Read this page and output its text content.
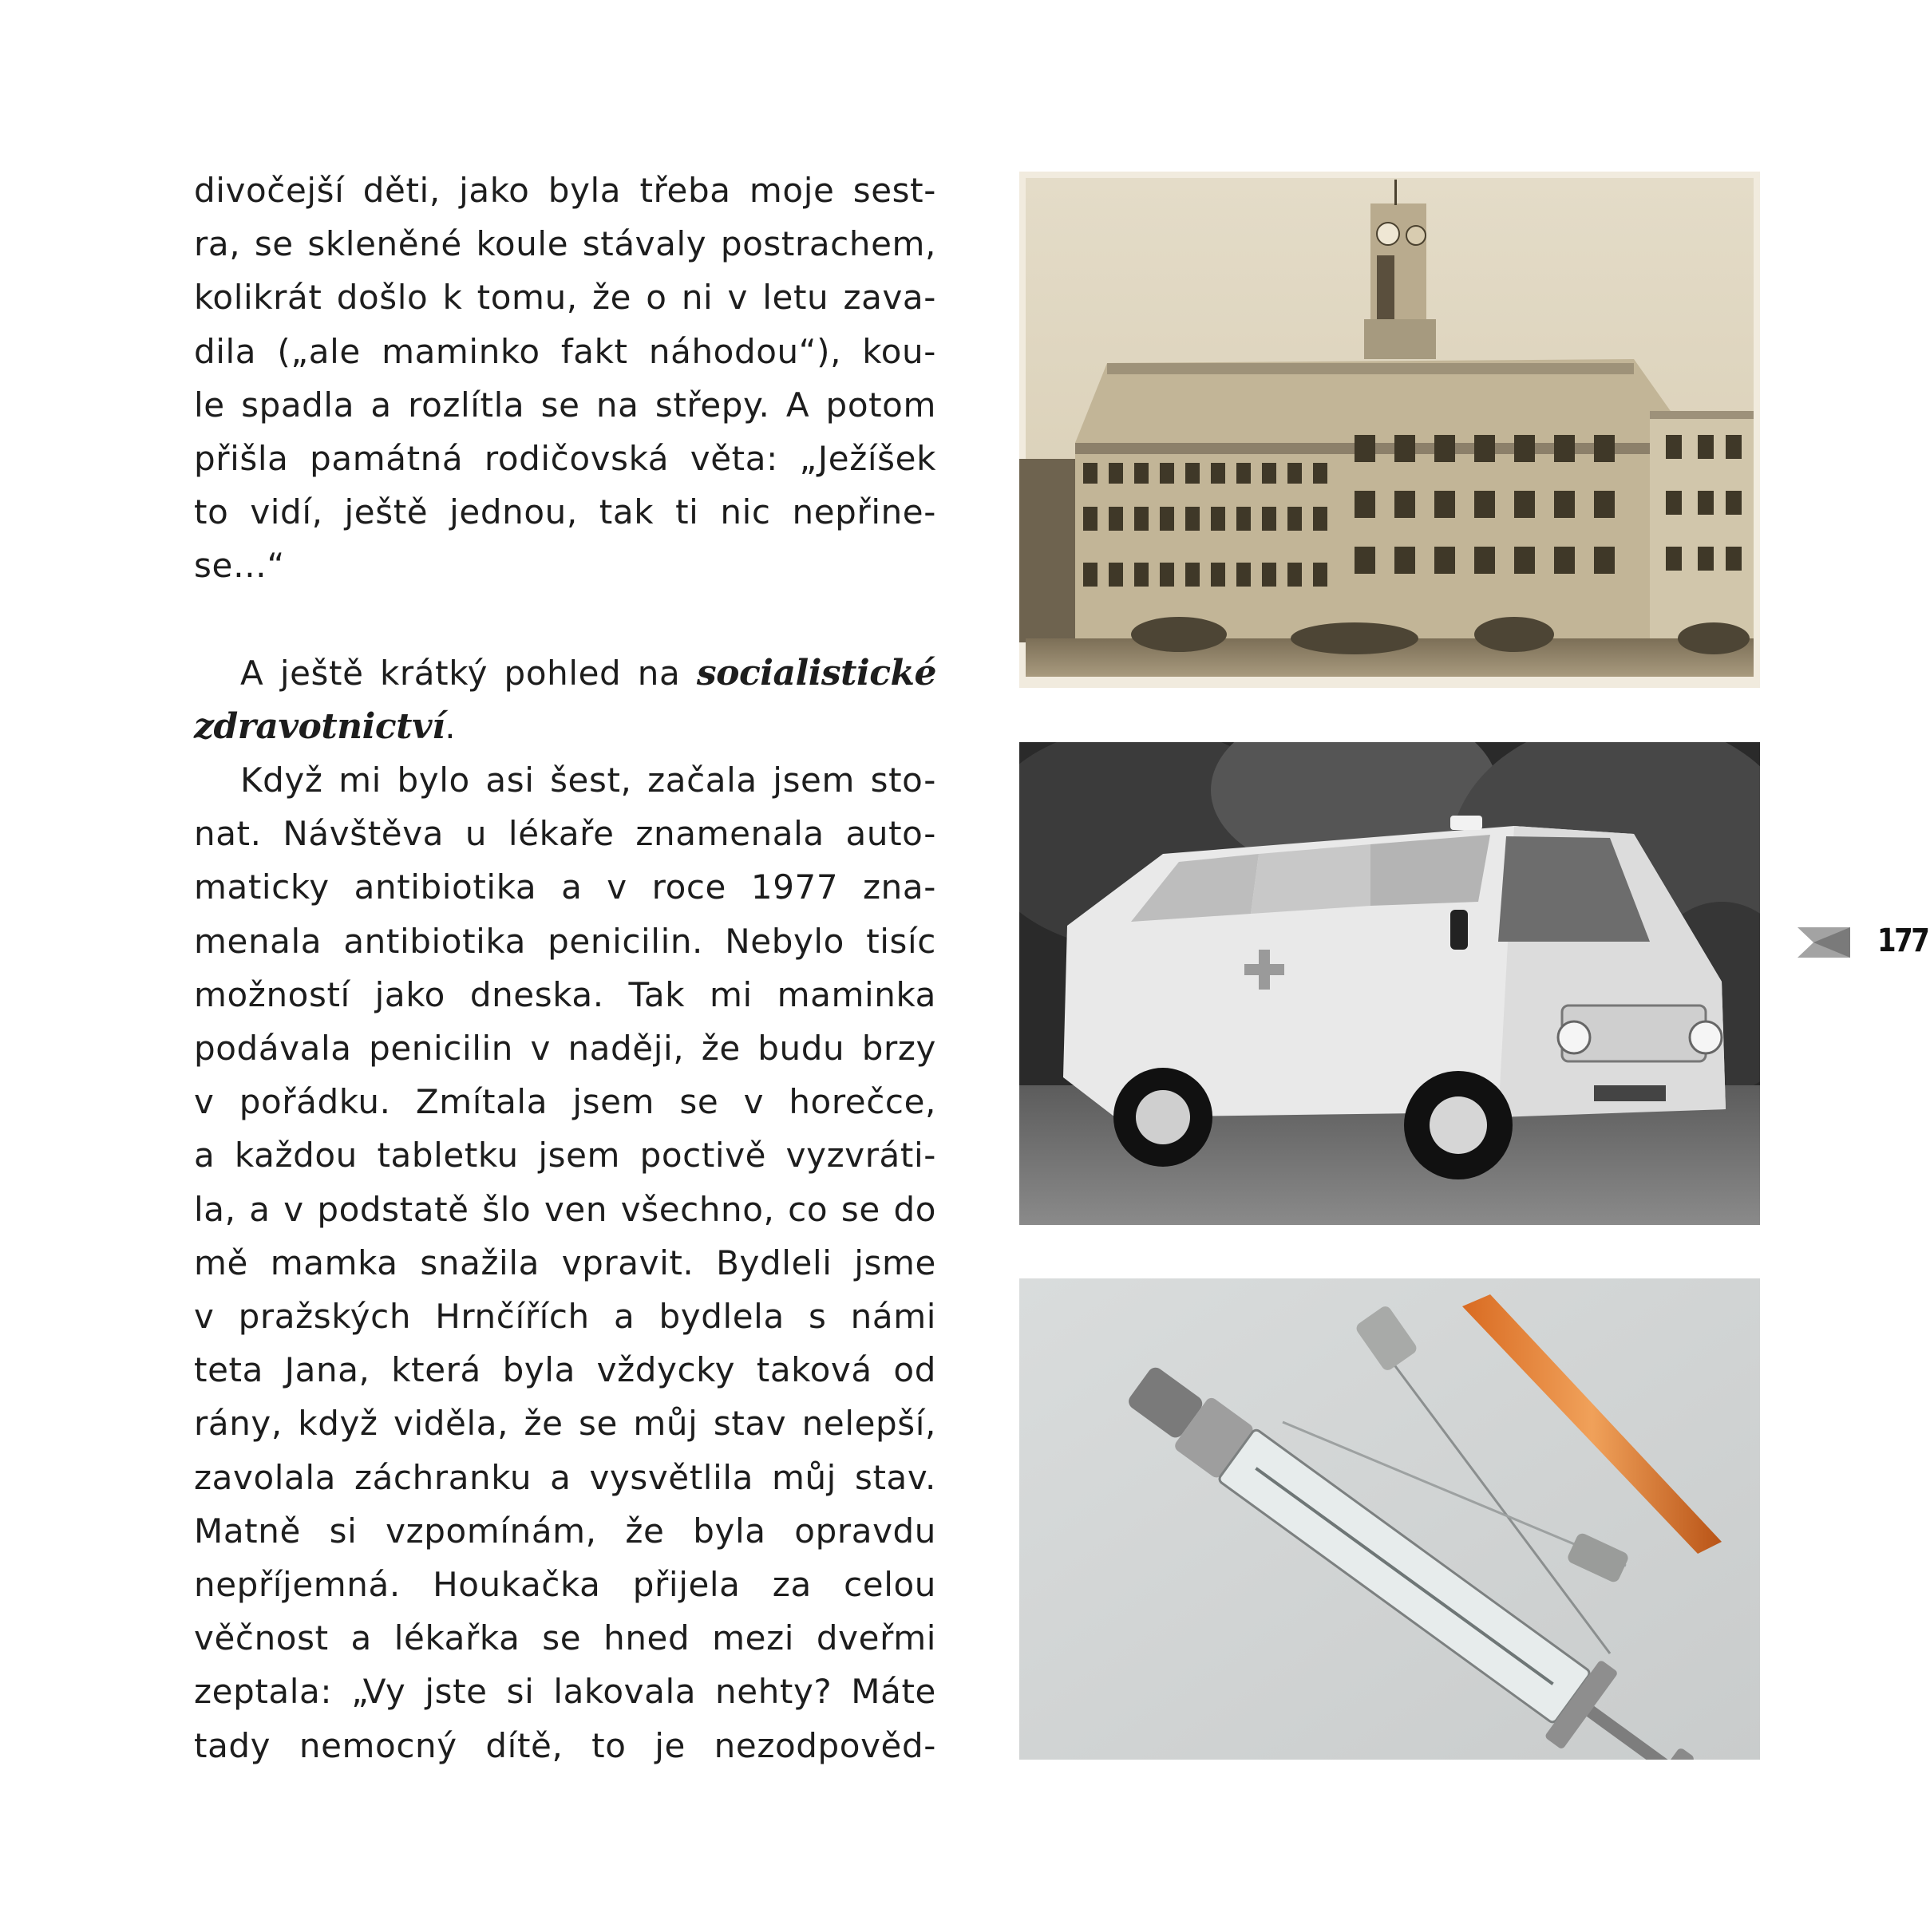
divočejší děti, jako byla třeba moje sest-

ra, se skleněné koule stávaly postrachem,

kolikrát došlo k tomu, že o ni v letu zava-

dila („ale maminko fakt náhodou“), kou-

le spadla a rozlítla se na střepy. A potom

přišla památná rodičovská věta: „Ježíšek

to vidí, ještě jednou, tak ti nic nepřine-

se…“

A ještě krátký pohled na socialistické

zdravotnictví.

Když mi bylo asi šest, začala jsem sto-

nat. Návštěva u lékaře znamenala auto-

maticky antibiotika a v roce 1977 zna-

menala antibiotika penicilin. Nebylo tisíc

možností jako dneska. Tak mi maminka

podávala penicilin v naději, že budu brzy

v pořádku. Zmítala jsem se v horečce,

a každou tabletku jsem poctivě vyzvráti-

la, a v podstatě šlo ven všechno, co se do

mě mamka snažila vpravit. Bydleli jsme

v pražských Hrnčířích a bydlela s námi

teta Jana, která byla vždycky taková od

rány, když viděla, že se můj stav nelepší,

zavolala záchranku a vysvětlila můj stav.

Matně si vzpomínám, že byla opravdu

nepříjemná. Houkačka přijela za celou

věčnost a lékařka se hned mezi dveřmi

zeptala: „Vy jste si lakovala nehty? Máte

tady nemocný dítě, to je nezodpověd-

177
